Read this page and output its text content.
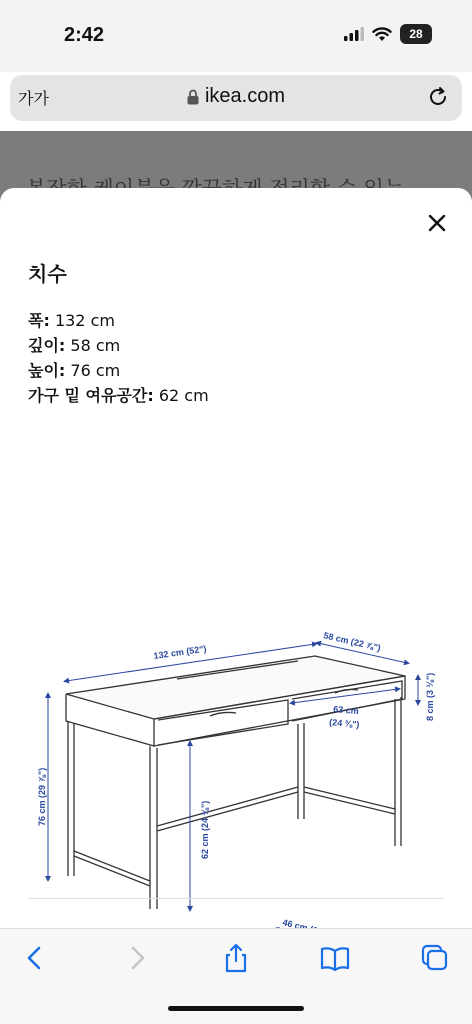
2:42	28
가가	ikea.com
치수
폭: 132 cm
깊이: 58 cm
높이: 76 cm
가구 밑 여유공간: 62 cm
132 cm (52")	58 cm (22 ⅞")
8 cm (3 ⅛")
63 cm
(24 ⅜")
76 cm (29 ⅞")
62 cm (24 ⅜")
